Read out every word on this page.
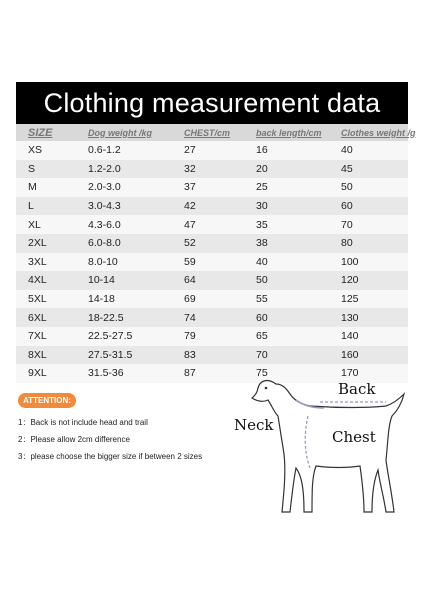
Clothing measurement data
SIZE	Dog weight /kg	CHEST/cm	back length/cm	Clothes weight /g
XS	0.6-1.2	27	16	40
S	1.2-2.0	32	20	45
M	2.0-3.0	37	25	50
L	3.0-4.3	42	30	60
XL	4.3-6.0	47	35	70
2XL	6.0-8.0	52	38	80
3XL	8.0-10	59	40	100
4XL	10-14	64	50	120
5XL	14-18	69	55	125
6XL	18-22.5	74	60	130
7XL	22.5-27.5	79	65	140
8XL	27.5-31.5	83	70	160
9XL	31.5-36	87	75	170
ATTENTION:
1：Back is not include head and trail
2：Please allow 2cm difference
3：please choose the bigger size if between 2 sizes
Back
Neck
Chest
